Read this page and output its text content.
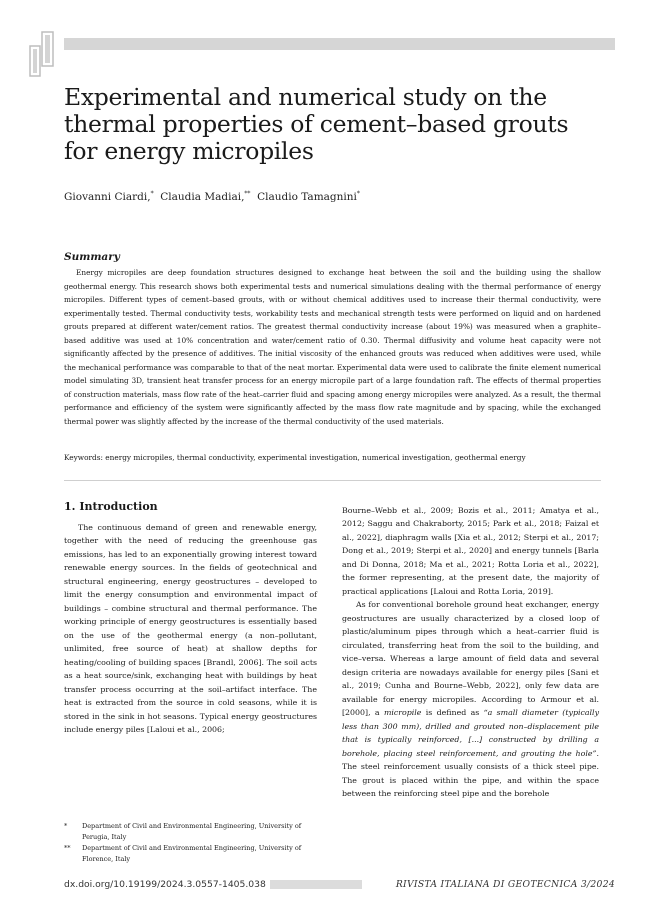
Experimental and numerical study on the thermal properties of cement–based grouts for energy micropiles
Giovanni Ciardi,* Claudia Madiai,** Claudio Tamagnini*
Summary

Energy micropiles are deep foundation structures designed to exchange heat between the soil and the building using the shallow geothermal energy. This research shows both experimental tests and numerical simulations dealing with the thermal performance of energy micropiles. Different types of cement–based grouts, with or without chemical additives used to increase their thermal conductivity, were experimentally tested. Thermal conductivity tests, workability tests and mechanical strength tests were performed on liquid and on hardened grouts prepared at different water/cement ratios. The greatest thermal conductivity increase (about 19%) was measured when a graphite–based additive was used at 10% concentration and water/cement ratio of 0.30. Thermal diffusivity and volume heat capacity were not significantly affected by the presence of additives. The initial viscosity of the enhanced grouts was reduced when additives were used, while the mechanical performance was comparable to that of the neat mortar. Experimental data were used to calibrate the finite element numerical model simulating 3D, transient heat transfer process for an energy micropile part of a large foundation raft. The effects of thermal properties of construction materials, mass flow rate of the heat–carrier fluid and spacing among energy micropiles were analyzed. As a result, the thermal performance and efficiency of the system were significantly affected by the mass flow rate magnitude and by spacing, while the exchanged thermal power was slightly affected by the increase of the thermal conductivity of the used materials.

Keywords: energy micropiles, thermal conductivity, experimental investigation, numerical investigation, geothermal energy
1. Introduction

The continuous demand of green and renewable energy, together with the need of reducing the greenhouse gas emissions, has led to an exponentially growing interest toward renewable energy sources. In the fields of geotechnical and structural engineering, energy geostructures – developed to limit the energy consumption and environmental impact of buildings – combine structural and thermal performance. The working principle of energy geostructures is essentially based on the use of the geothermal energy (a non–pollutant, unlimited, free source of heat) at shallow depths for heating/cooling of building spaces [Brandl, 2006]. The soil acts as a heat source/sink, exchanging heat with buildings by heat transfer process occurring at the soil–artifact interface. The heat is extracted from the source in cold seasons, while it is stored in the sink in hot seasons. Typical energy geostructures include energy piles [Laloui et al., 2006;

Bourne–Webb et al., 2009; Bozis et al., 2011; Amatya et al., 2012; Saggu and Chakraborty, 2015; Park et al., 2018; Faizal et al., 2022], diaphragm walls [Xia et al., 2012; Sterpi et al., 2017; Dong et al., 2019; Sterpi et al., 2020] and energy tunnels [Barla and Di Donna, 2018; Ma et al., 2021; Rotta Loria et al., 2022], the former representing, at the present date, the majority of practical applications [Laloui and Rotta Loria, 2019].

As for conventional borehole ground heat exchanger, energy geostructures are usually characterized by a closed loop of plastic/aluminum pipes through which a heat–carrier fluid is circulated, transferring heat from the soil to the building, and vice–versa. Whereas a large amount of field data and several design criteria are nowadays available for energy piles [Sani et al., 2019; Cunha and Bourne–Webb, 2022], only few data are available for energy micropiles. According to Armour et al. [2000], a micropile is defined as “a small diameter (typically less than 300 mm), drilled and grouted non–displacement pile that is typically reinforced, [...] constructed by drilling a borehole, placing steel reinforcement, and grouting the hole”. The steel reinforcement usually consists of a thick steel pipe. The grout is placed within the pipe, and within the space between the reinforcing steel pipe and the borehole

*	Department of Civil and Environmental Engineering, University of Perugia, Italy
**	Department of Civil and Environmental Engineering, University of Florence, Italy
dx.doi.org/10.19199/2024.3.0557-1405.038	RIVISTA ITALIANA DI GEOTECNICA 3/2024
